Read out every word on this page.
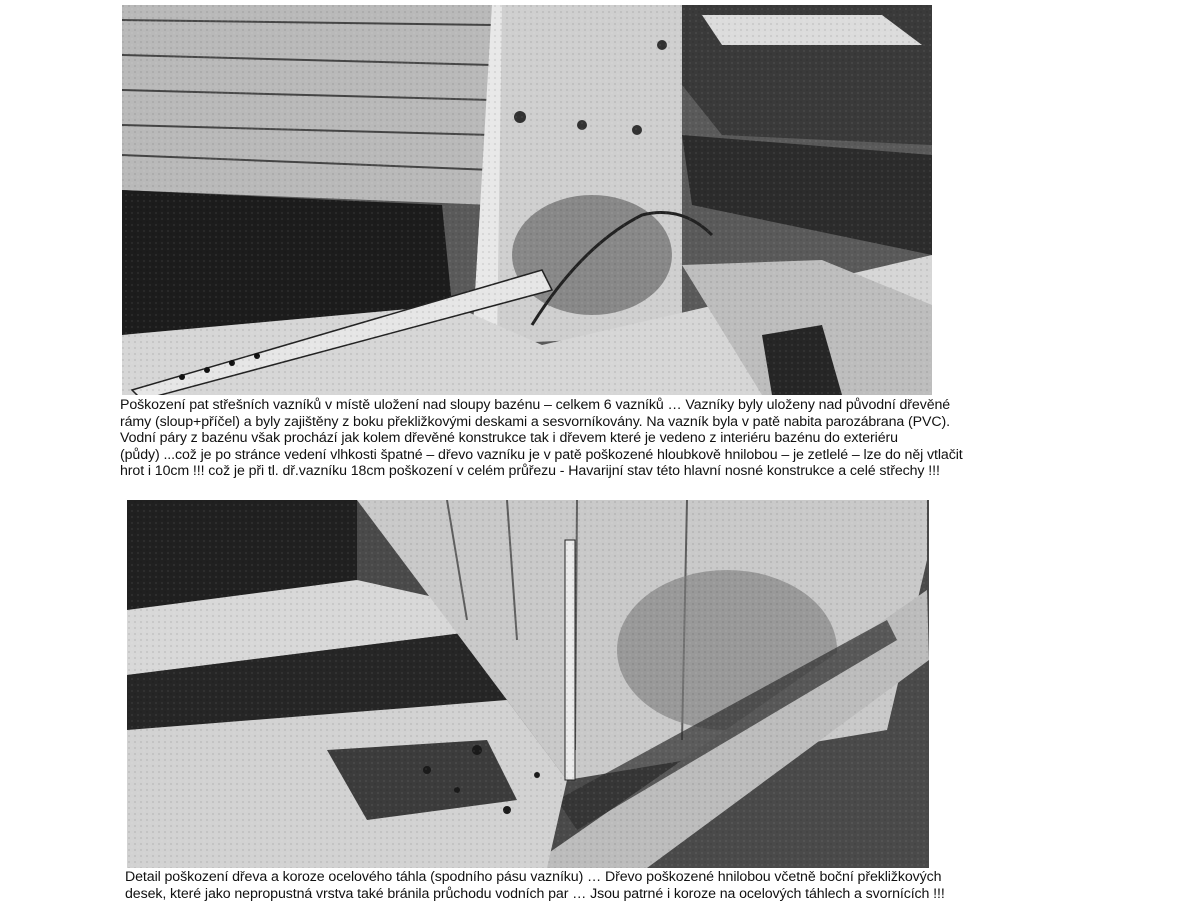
Poškození pat střešních vazníků v místě uložení nad sloupy bazénu – celkem 6 vazníků … Vazníky byly uloženy nad původní dřevěné
rámy (sloup+příčel) a byly zajištěny z boku překližkovými deskami a sesvorníkovány. Na vazník byla v patě nabita parozábrana (PVC).
Vodní páry z bazénu však prochází jak kolem dřevěné konstrukce tak i dřevem které je vedeno z interiéru bazénu do exteriéru
(půdy) ...což je po stránce vedení vlhkosti špatné – dřevo vazníku je v patě poškozené hloubkově hnilobou – je zetlelé – lze do něj vtlačit
hrot i 10cm !!! což je při tl. dř.vazníku 18cm poškození v celém průřezu - Havarijní stav této hlavní nosné konstrukce a celé střechy !!!

Detail poškození dřeva a koroze ocelového táhla (spodního pásu vazníku) … Dřevo poškozené hnilobou včetně boční překližkových
desek, které jako nepropustná vrstva také bránila průchodu vodních par … Jsou patrné i koroze na ocelových táhlech a svornících !!!
